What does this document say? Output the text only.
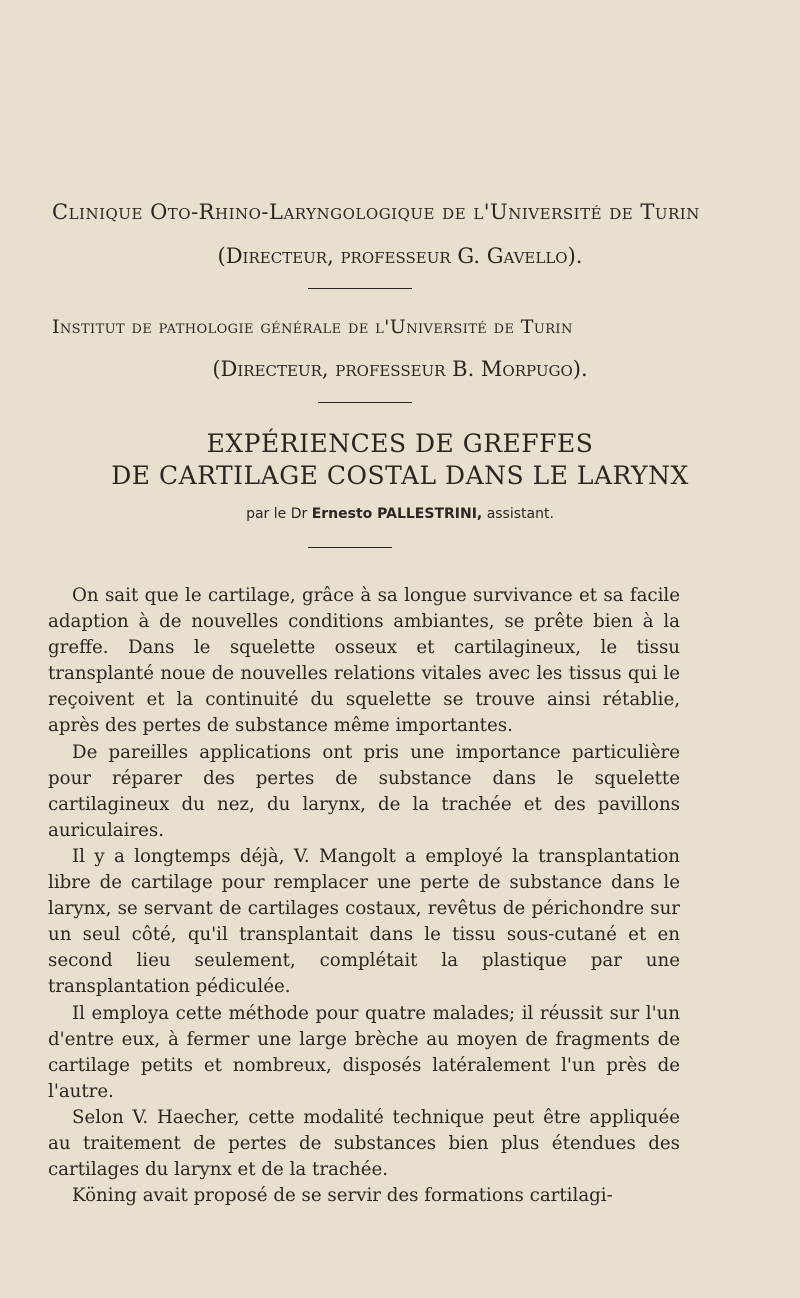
Clinique Oto-Rhino-Laryngologique de l'Université de Turin
(Directeur, professeur G. Gavello).
Institut de pathologie générale de l'Université de Turin
(Directeur, professeur B. Morpugo).
EXPÉRIENCES DE GREFFES
DE CARTILAGE COSTAL DANS LE LARYNX
par le Dr Ernesto PALLESTRINI, assistant.

On sait que le cartilage, grâce à sa longue survivance et sa facile adaption à de nouvelles conditions ambiantes, se prête bien à la greffe. Dans le squelette osseux et cartilagineux, le tissu transplanté noue de nouvelles relations vitales avec les tissus qui le reçoivent et la continuité du squelette se trouve ainsi rétablie, après des pertes de substance même importantes.

De pareilles applications ont pris une importance particulière pour réparer des pertes de substance dans le squelette cartilagineux du nez, du larynx, de la trachée et des pavillons auriculaires.

Il y a longtemps déjà, V. Mangolt a employé la transplantation libre de cartilage pour remplacer une perte de substance dans le larynx, se servant de cartilages costaux, revêtus de périchondre sur un seul côté, qu'il transplantait dans le tissu sous-cutané et en second lieu seulement, complétait la plastique par une transplantation pédiculée.

Il employa cette méthode pour quatre malades; il réussit sur l'un d'entre eux, à fermer une large brèche au moyen de fragments de cartilage petits et nombreux, disposés latéralement l'un près de l'autre.

Selon V. Haecher, cette modalité technique peut être appliquée au traitement de pertes de substances bien plus étendues des cartilages du larynx et de la trachée.

Köning avait proposé de se servir des formations cartilagi-
